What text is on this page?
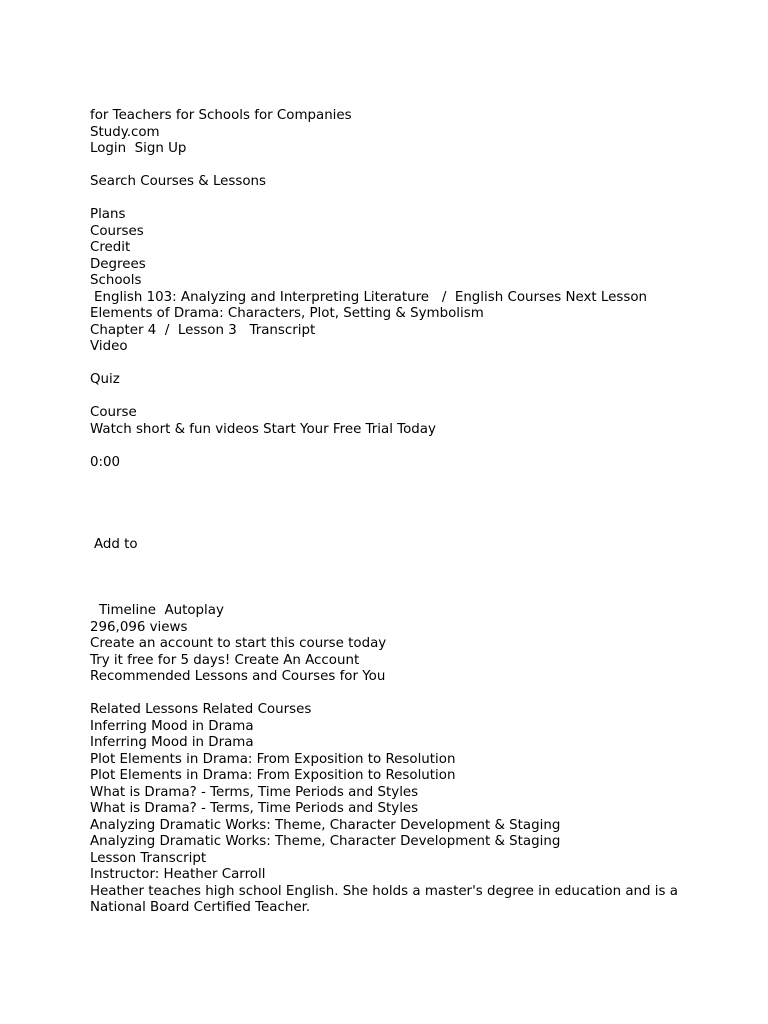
for Teachers for Schools for Companies
Study.com
Login Sign Up
Search Courses & Lessons
Plans
Courses
Credit
Degrees
Schools
English 103: Analyzing and Interpreting Literature / English Courses Next Lesson
Elements of Drama: Characters, Plot, Setting & Symbolism
Chapter 4 / Lesson 3 Transcript
Video
Quiz
Course
Watch short & fun videos Start Your Free Trial Today
0:00
Add to
Timeline Autoplay
296,096 views
Create an account to start this course today
Try it free for 5 days! Create An Account
Recommended Lessons and Courses for You
Related Lessons Related Courses
Inferring Mood in Drama
Inferring Mood in Drama
Plot Elements in Drama: From Exposition to Resolution
Plot Elements in Drama: From Exposition to Resolution
What is Drama? - Terms, Time Periods and Styles
What is Drama? - Terms, Time Periods and Styles
Analyzing Dramatic Works: Theme, Character Development & Staging
Analyzing Dramatic Works: Theme, Character Development & Staging
Lesson Transcript
Instructor: Heather Carroll
Heather teaches high school English. She holds a master's degree in education and is a National Board Certified Teacher.
